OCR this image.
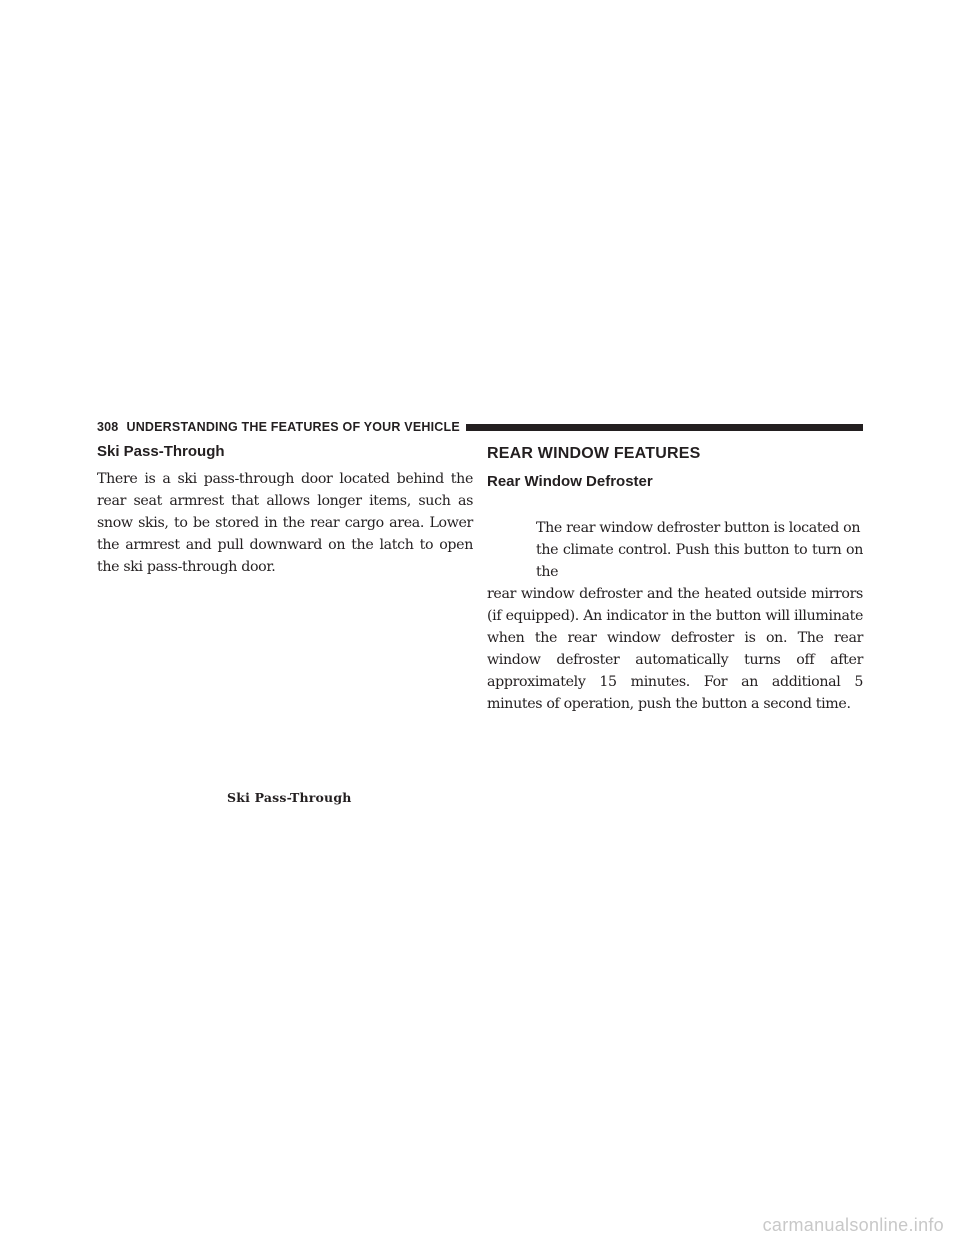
308 UNDERSTANDING THE FEATURES OF YOUR VEHICLE
Ski Pass-Through

There is a ski pass-through door located behind the rear seat armrest that allows longer items, such as snow skis, to be stored in the rear cargo area. Lower the armrest and pull downward on the latch to open the ski pass-through door.

Ski Pass-Through
REAR WINDOW FEATURES
Rear Window Defroster

The rear window defroster button is located on
the climate control. Push this button to turn on the
rear window defroster and the heated outside mirrors (if equipped). An indicator in the button will illuminate when the rear window defroster is on. The rear window defroster automatically turns off after approximately 15 minutes. For an additional 5 minutes of operation, push the button a second time.

carmanualsonline.info
